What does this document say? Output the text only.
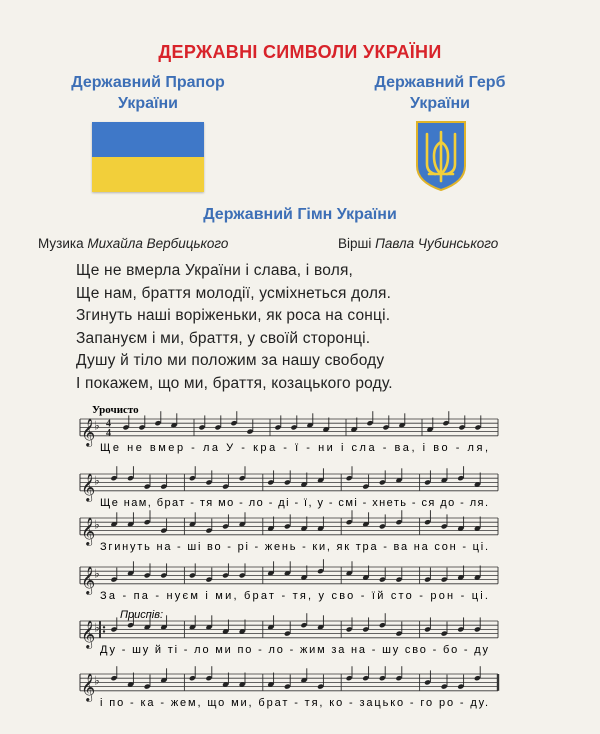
ДЕРЖАВНІ СИМВОЛИ УКРАЇНИ
Державний Прапор
України
Державний Герб
України
Державний Гімн України
Музика Михайла Вербицького	Вірші Павла Чубинського
Ще не вмерла України і слава, і воля,
Ще нам, браття молодії, усміхнеться доля.
Згинуть наші воріженьки, як роса на сонці.
Запануєм і ми, браття, у своїй сторонці.
Душу й тіло ми положим за нашу свободу
І покажем, що ми, браття, козацького роду.
Урочисто
𝄞
♭ 4
4
Ще не вмер - ла У - кра - ї - ни і сла - ва, і во - ля,
𝄞
♭
Ще нам, брат - тя мо - ло - ді - ї, у - смі - хнеть - ся до - ля.
𝄞
♭
Згинуть на - ші во - рі - жень - ки, як тра - ва на сон - ці.
𝄞
♭
За - па - нуєм і ми, брат - тя, у сво - їй сто - рон - ці.
𝄞
♭
Приспів:
Ду - шу й ті - ло ми по - ло - жим за на - шу сво - бо - ду
𝄞
♭
і по - ка - жем, що ми, брат - тя, ко - зацько - го ро - ду.
